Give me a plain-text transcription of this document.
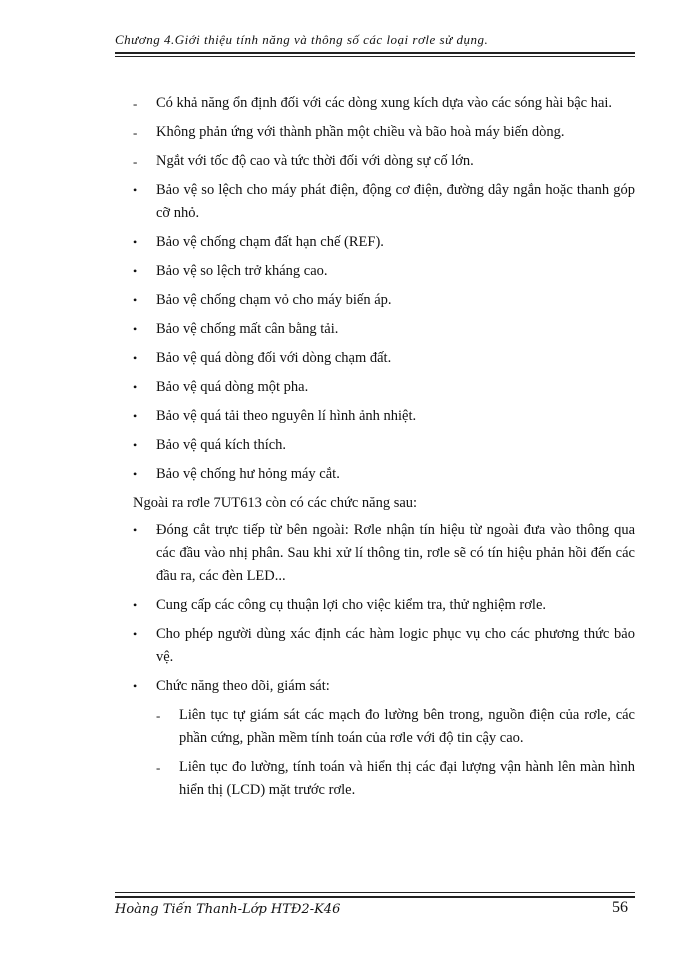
Chương 4.Giới thiệu tính năng và thông số các loại rơle sử dụng.
-	Có khả năng ổn định đối với các dòng xung kích dựa vào các sóng hài bậc hai.
-	Không phản ứng với thành phần một chiều và bão hoà máy biến dòng.
-	Ngắt với tốc độ cao và tức thời đối với dòng sự cố lớn.
•	Bảo vệ so lệch cho máy phát điện, động cơ điện, đường dây ngắn hoặc thanh góp cỡ nhỏ.
•	Bảo vệ chống chạm đất hạn chế (REF).
•	Bảo vệ so lệch trở kháng cao.
•	Bảo vệ chống chạm vỏ cho máy biến áp.
•	Bảo vệ chống mất cân bằng tải.
•	Bảo vệ quá dòng đối với dòng chạm đất.
•	Bảo vệ quá dòng một pha.
•	Bảo vệ quá tải theo nguyên lí hình ảnh nhiệt.
•	Bảo vệ quá kích thích.
•	Bảo vệ chống hư hỏng máy cắt.
Ngoài ra rơle 7UT613 còn có các chức năng sau:
•	Đóng cắt trực tiếp từ bên ngoài: Rơle nhận tín hiệu từ ngoài đưa vào thông qua các đầu vào nhị phân. Sau khi xử lí thông tin, rơle sẽ có tín hiệu phản hồi đến các đầu ra, các đèn LED...
•	Cung cấp các công cụ thuận lợi cho việc kiểm tra, thử nghiệm rơle.
•	Cho phép người dùng xác định các hàm logic phục vụ cho các phương thức bảo vệ.
•	Chức năng theo dõi, giám sát:
-	Liên tục tự giám sát các mạch đo lường bên trong, nguồn điện của rơle, các phần cứng, phần mềm tính toán của rơle với độ tin cậy cao.
-	Liên tục đo lường, tính toán và hiển thị các đại lượng vận hành lên màn hình hiển thị (LCD) mặt trước rơle.
Hoàng Tiến Thanh-Lớp HTĐ2-K46	56
